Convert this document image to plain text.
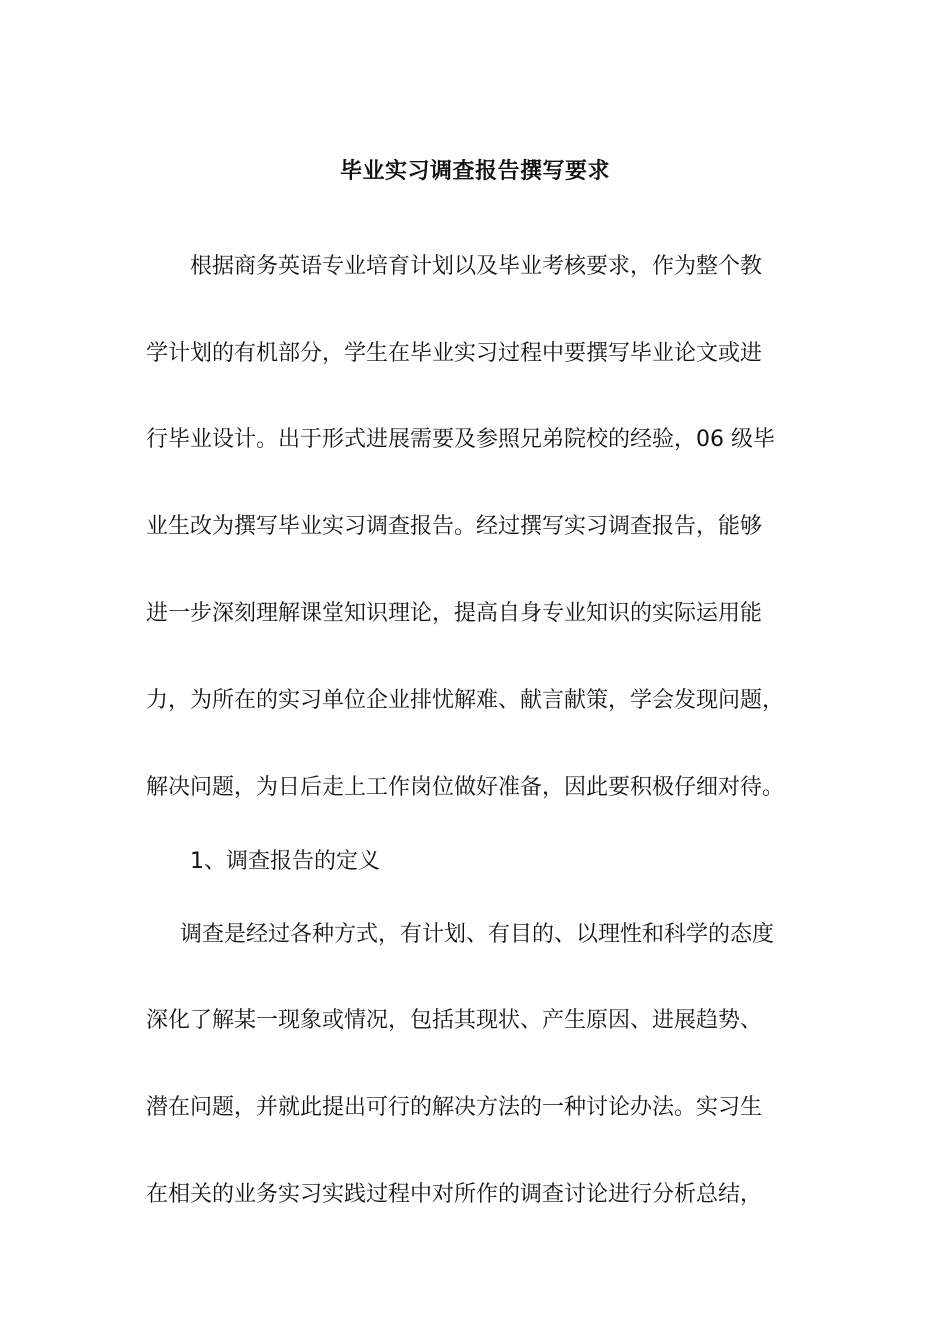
毕业实习调查报告撰写要求

根据商务英语专业培育计划以及毕业考核要求，作为整个教

学计划的有机部分，学生在毕业实习过程中要撰写毕业论文或进

行毕业设计。出于形式进展需要及参照兄弟院校的经验，06 级毕

业生改为撰写毕业实习调查报告。经过撰写实习调查报告，能够

进一步深刻理解课堂知识理论，提高自身专业知识的实际运用能

力，为所在的实习单位企业排忧解难、献言献策，学会发现问题，

解决问题，为日后走上工作岗位做好准备，因此要积极仔细对待。

1、调查报告的定义

调查是经过各种方式，有计划、有目的、以理性和科学的态度

深化了解某一现象或情况，包括其现状、产生原因、进展趋势、

潜在问题，并就此提出可行的解决方法的一种讨论办法。实习生

在相关的业务实习实践过程中对所作的调查讨论进行分析总结，
